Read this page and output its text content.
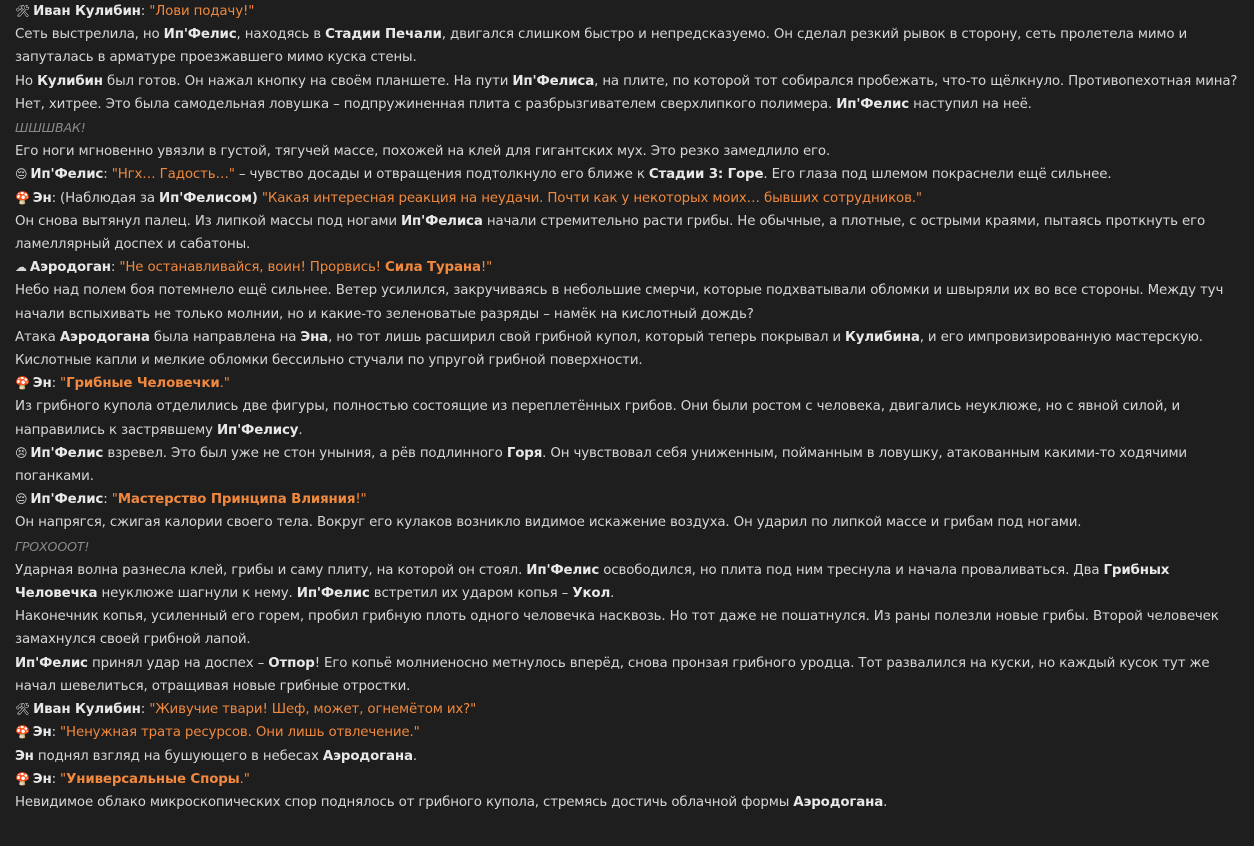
🛠 Иван Кулибин: "Лови подачу!"

Сеть выстрелила, но Ип'Фелис, находясь в Стадии Печали, двигался слишком быстро и непредсказуемо. Он сделал резкий рывок в сторону, сеть пролетела мимо и запуталась в арматуре проезжавшего мимо куска стены.

Но Кулибин был готов. Он нажал кнопку на своём планшете. На пути Ип'Фелиса, на плите, по которой тот собирался пробежать, что-то щёлкнуло. Противопехотная мина? Нет, хитрее. Это была самодельная ловушка – подпружиненная плита с разбрызгивателем сверхлипкого полимера. Ип'Фелис наступил на неё.

ШШШВАК!

Его ноги мгновенно увязли в густой, тягучей массе, похожей на клей для гигантских мух. Это резко замедлило его.

😔 Ип'Фелис: "Нгх… Гадость…" – чувство досады и отвращения подтолкнуло его ближе к Стадии 3: Горе. Его глаза под шлемом покраснели ещё сильнее.

🍄 Эн: (Наблюдая за Ип'Фелисом) "Какая интересная реакция на неудачи. Почти как у некоторых моих… бывших сотрудников."

Он снова вытянул палец. Из липкой массы под ногами Ип'Фелиса начали стремительно расти грибы. Не обычные, а плотные, с острыми краями, пытаясь проткнуть его ламеллярный доспех и сабатоны.

☁ Аэродоган: "Не останавливайся, воин! Прорвись! Сила Турана!"

Небо над полем боя потемнело ещё сильнее. Ветер усилился, закручиваясь в небольшие смерчи, которые подхватывали обломки и швыряли их во все стороны. Между туч начали вспыхивать не только молнии, но и какие-то зеленоватые разряды – намёк на кислотный дождь?

Атака Аэродогана была направлена на Эна, но тот лишь расширил свой грибной купол, который теперь покрывал и Кулибина, и его импровизированную мастерскую. Кислотные капли и мелкие обломки бессильно стучали по упругой грибной поверхности.

🍄 Эн: "Грибные Человечки."

Из грибного купола отделились две фигуры, полностью состоящие из переплетённых грибов. Они были ростом с человека, двигались неуклюже, но с явной силой, и направились к застрявшему Ип'Фелису.

😣 Ип'Фелис взревел. Это был уже не стон уныния, а рёв подлинного Горя. Он чувствовал себя униженным, пойманным в ловушку, атакованным какими-то ходячими поганками.

😔 Ип'Фелис: "Мастерство Принципа Влияния!"

Он напрягся, сжигая калории своего тела. Вокруг его кулаков возникло видимое искажение воздуха. Он ударил по липкой массе и грибам под ногами.

ГРОХОООТ!

Ударная волна разнесла клей, грибы и саму плиту, на которой он стоял. Ип'Фелис освободился, но плита под ним треснула и начала проваливаться. Два Грибных Человечка неуклюже шагнули к нему. Ип'Фелис встретил их ударом копья – Укол.

Наконечник копья, усиленный его горем, пробил грибную плоть одного человечка насквозь. Но тот даже не пошатнулся. Из раны полезли новые грибы. Второй человечек замахнулся своей грибной лапой.

Ип'Фелис принял удар на доспех – Отпор! Его копьё молниеносно метнулось вперёд, снова пронзая грибного уродца. Тот развалился на куски, но каждый кусок тут же начал шевелиться, отращивая новые грибные отростки.

🛠 Иван Кулибин: "Живучие твари! Шеф, может, огнемётом их?"

🍄 Эн: "Ненужная трата ресурсов. Они лишь отвлечение."

Эн поднял взгляд на бушующего в небесах Аэродогана.

🍄 Эн: "Универсальные Споры."

Невидимое облако микроскопических спор поднялось от грибного купола, стремясь достичь облачной формы Аэродогана.
